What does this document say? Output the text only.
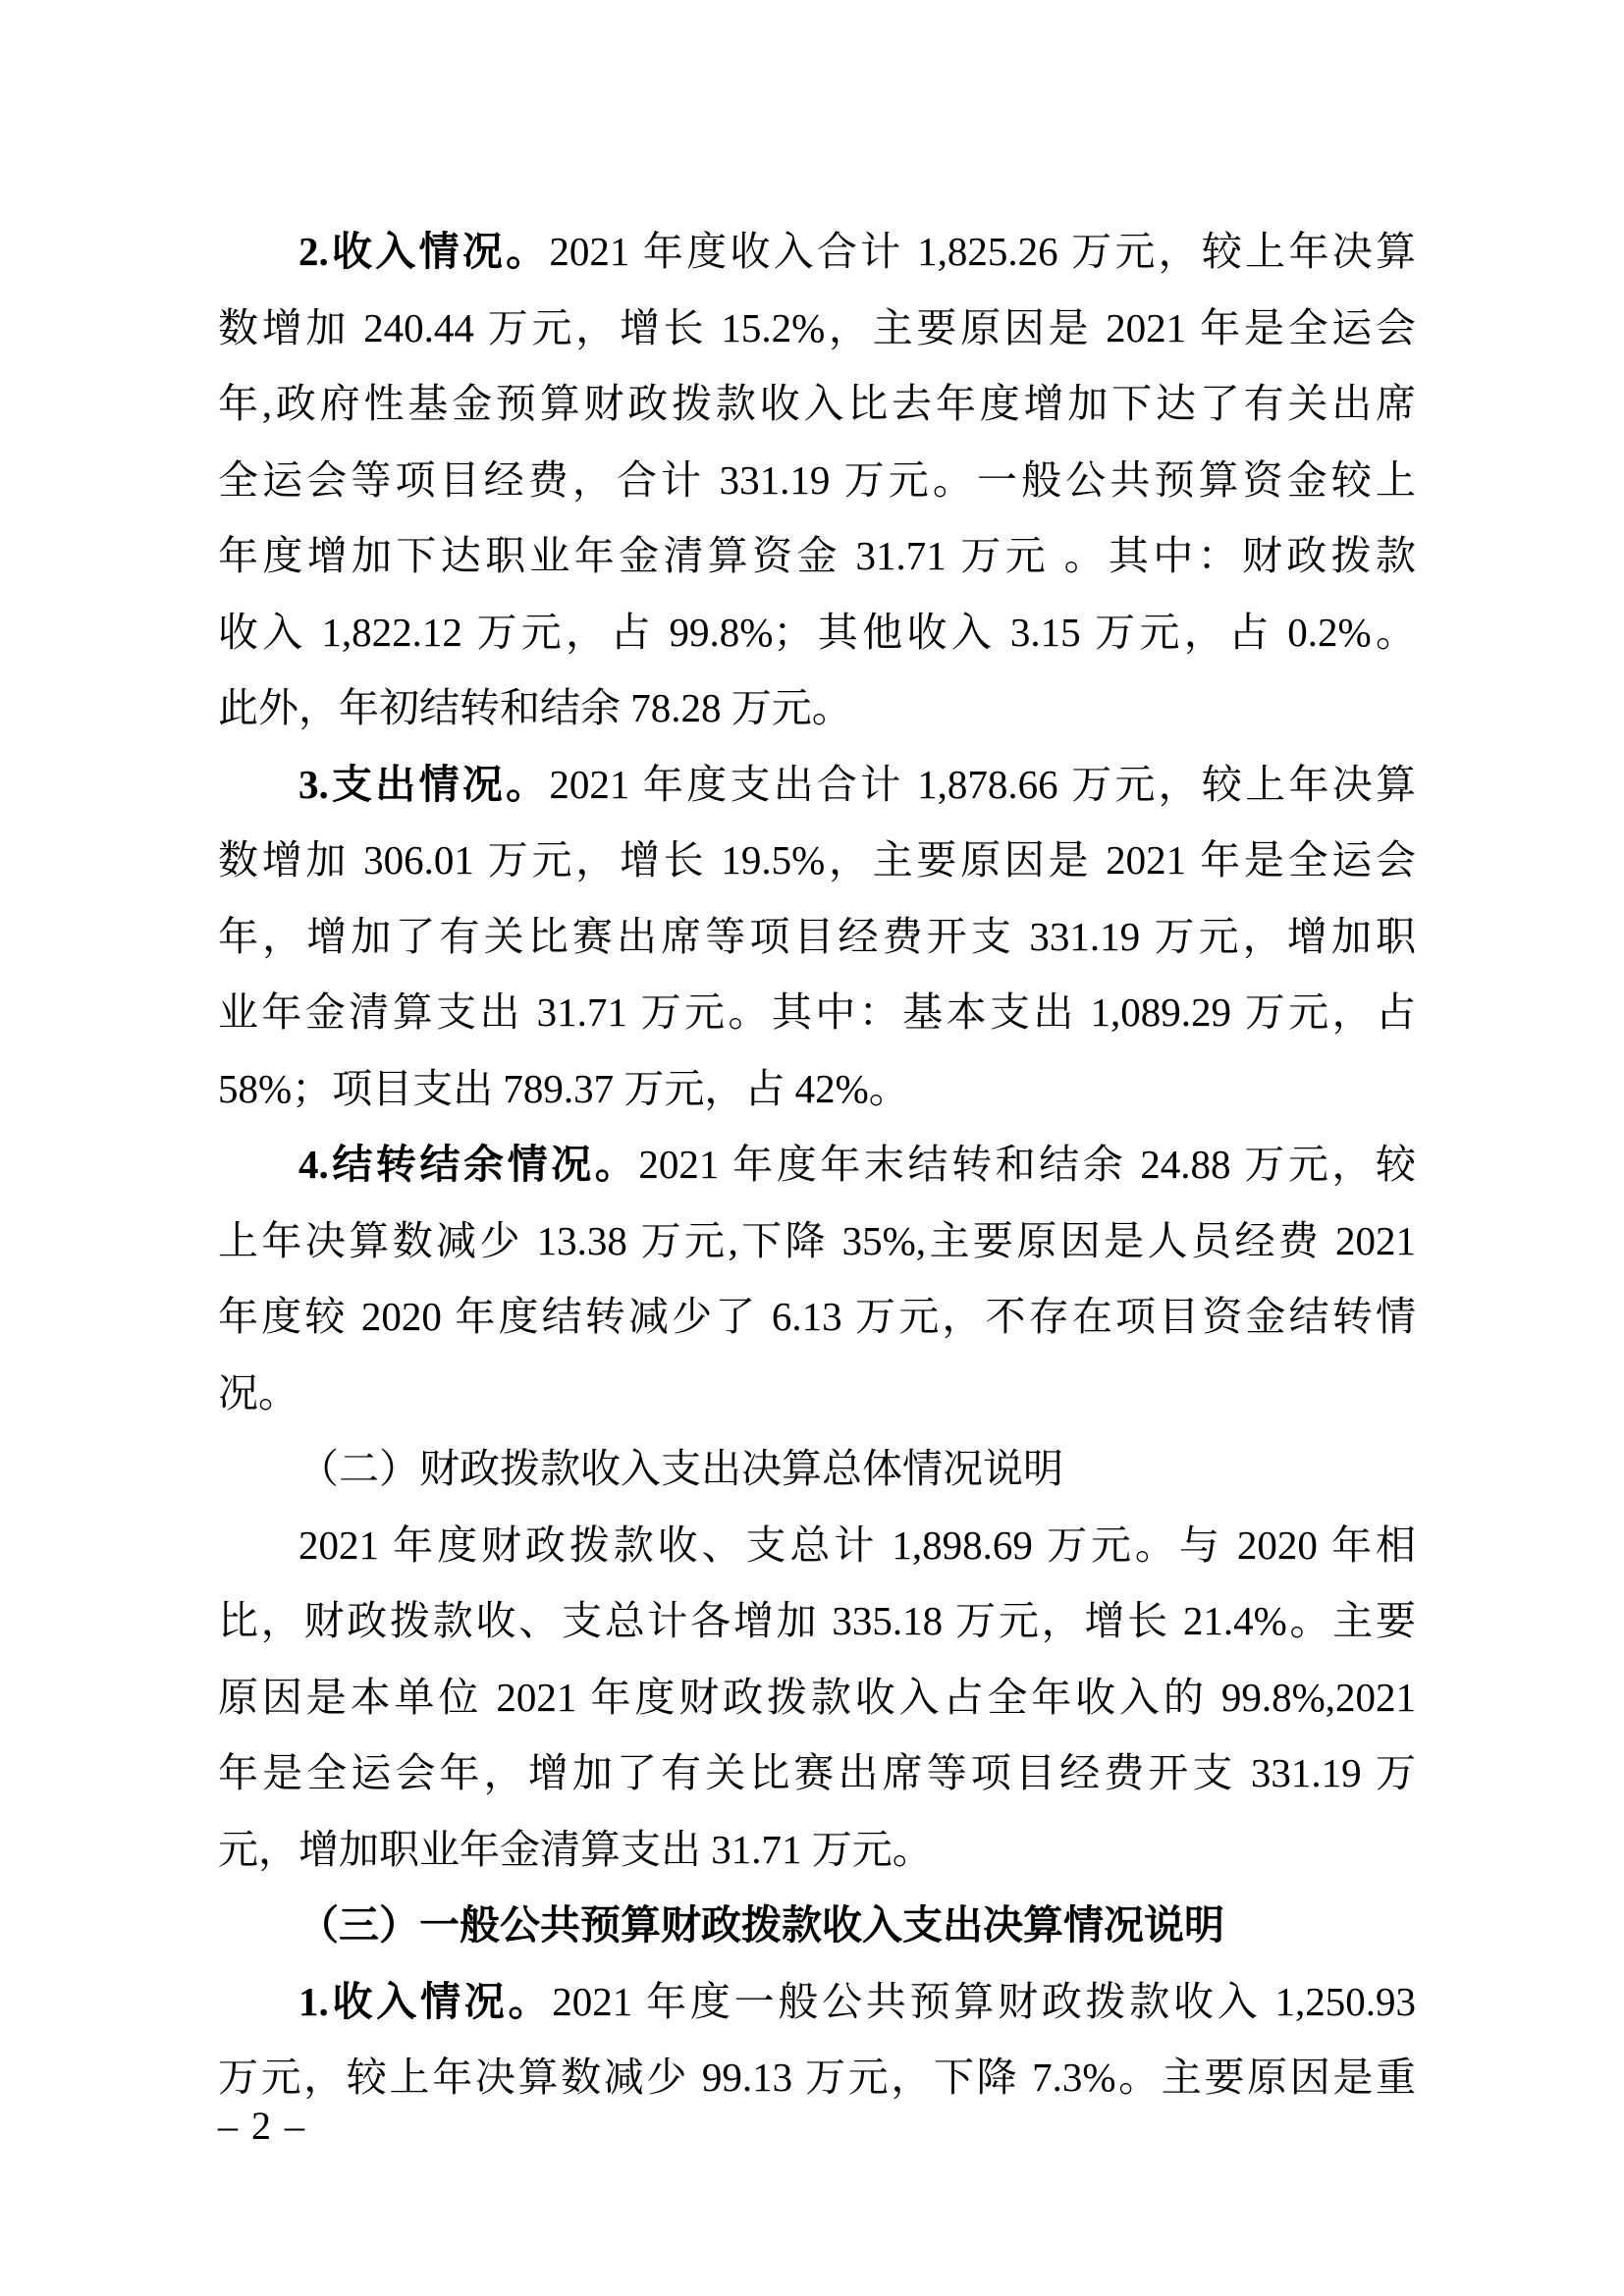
2.收入情况。2021 年度收入合计 1,825.26 万元，较上年决算
数增加 240.44 万元，增长 15.2%，主要原因是 2021 年是全运会
年,政府性基金预算财政拨款收入比去年度增加下达了有关出席
全运会等项目经费，合计 331.19 万元。一般公共预算资金较上
年度增加下达职业年金清算资金 31.71 万元 。其中：财政拨款
收入 1,822.12 万元，占 99.8%；其他收入 3.15 万元，占 0.2%。
此外，年初结转和结余 78.28 万元。
3.支出情况。2021 年度支出合计 1,878.66 万元，较上年决算
数增加 306.01 万元，增长 19.5%，主要原因是 2021 年是全运会
年，增加了有关比赛出席等项目经费开支 331.19 万元，增加职
业年金清算支出 31.71 万元。其中：基本支出 1,089.29 万元，占
58%；项目支出 789.37 万元，占 42%。
4.结转结余情况。2021 年度年末结转和结余 24.88 万元，较
上年决算数减少 13.38 万元,下降 35%,主要原因是人员经费 2021
年度较 2020 年度结转减少了 6.13 万元，不存在项目资金结转情
况。
（二）财政拨款收入支出决算总体情况说明
2021 年度财政拨款收、支总计 1,898.69 万元。与 2020 年相
比，财政拨款收、支总计各增加 335.18 万元，增长 21.4%。主要
原因是本单位 2021 年度财政拨款收入占全年收入的 99.8%,2021
年是全运会年，增加了有关比赛出席等项目经费开支 331.19 万
元，增加职业年金清算支出 31.71 万元。
（三）一般公共预算财政拨款收入支出决算情况说明
1.收入情况。2021 年度一般公共预算财政拨款收入 1,250.93
万元，较上年决算数减少 99.13 万元，下降 7.3%。主要原因是重
– 2 –
